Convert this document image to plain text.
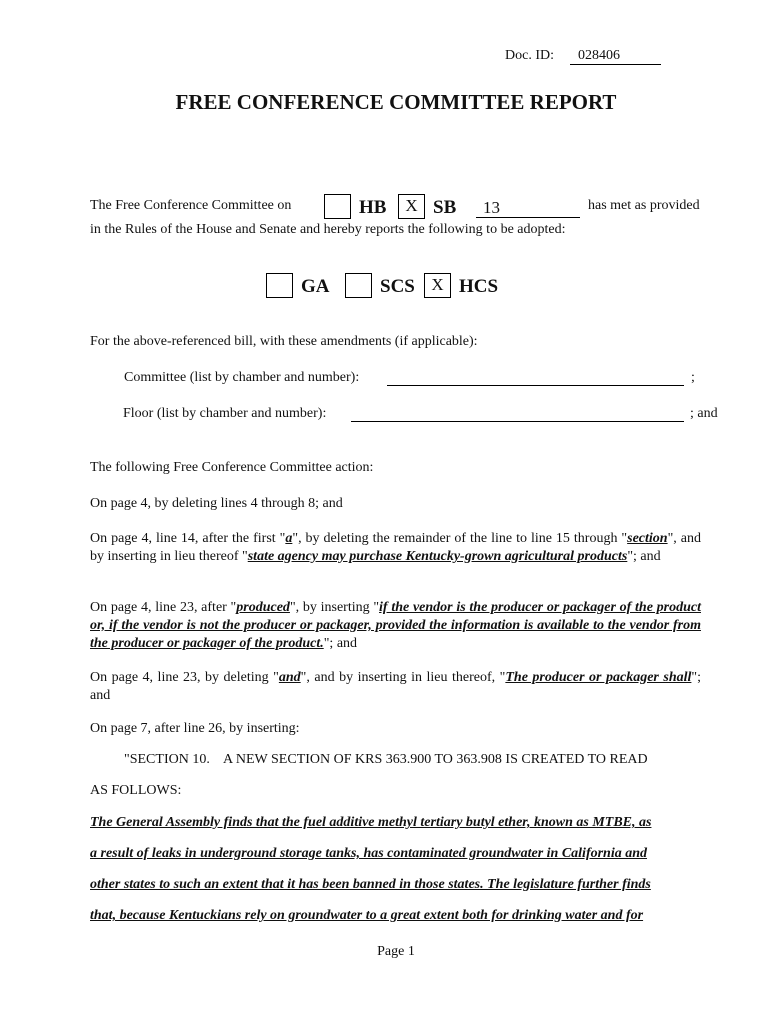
Doc. ID: 028406
FREE CONFERENCE COMMITTEE REPORT
The Free Conference Committee on	HB	X SB 13	has met as provided
in the Rules of the House and Senate and hereby reports the following to be adopted:
GA	SCS X HCS
For the above-referenced bill, with these amendments (if applicable):
Committee (list by chamber and number):	;
Floor (list by chamber and number):	; and
The following Free Conference Committee action:
On page 4, by deleting lines 4 through 8; and
On page 4, line 14, after the first "a", by deleting the remainder of the line to line 15 through "section", and by inserting in lieu thereof "state agency may purchase Kentucky-grown agricultural products"; and
On page 4, line 23, after "produced", by inserting "if the vendor is the producer or packager of the product or, if the vendor is not the producer or packager, provided the information is available to the vendor from the producer or packager of the product."; and
On page 4, line 23, by deleting "and", and by inserting in lieu thereof, "The producer or packager shall"; and
On page 7, after line 26, by inserting:
"SECTION 10.    A NEW SECTION OF KRS 363.900 TO 363.908 IS CREATED TO READ
AS FOLLOWS:
The General Assembly finds that the fuel additive methyl tertiary butyl ether, known as MTBE, as
a result of leaks in underground storage tanks, has contaminated groundwater in California and
other states to such an extent that it has been banned in those states. The legislature further finds
that, because Kentuckians rely on groundwater to a great extent both for drinking water and for
Page 1
